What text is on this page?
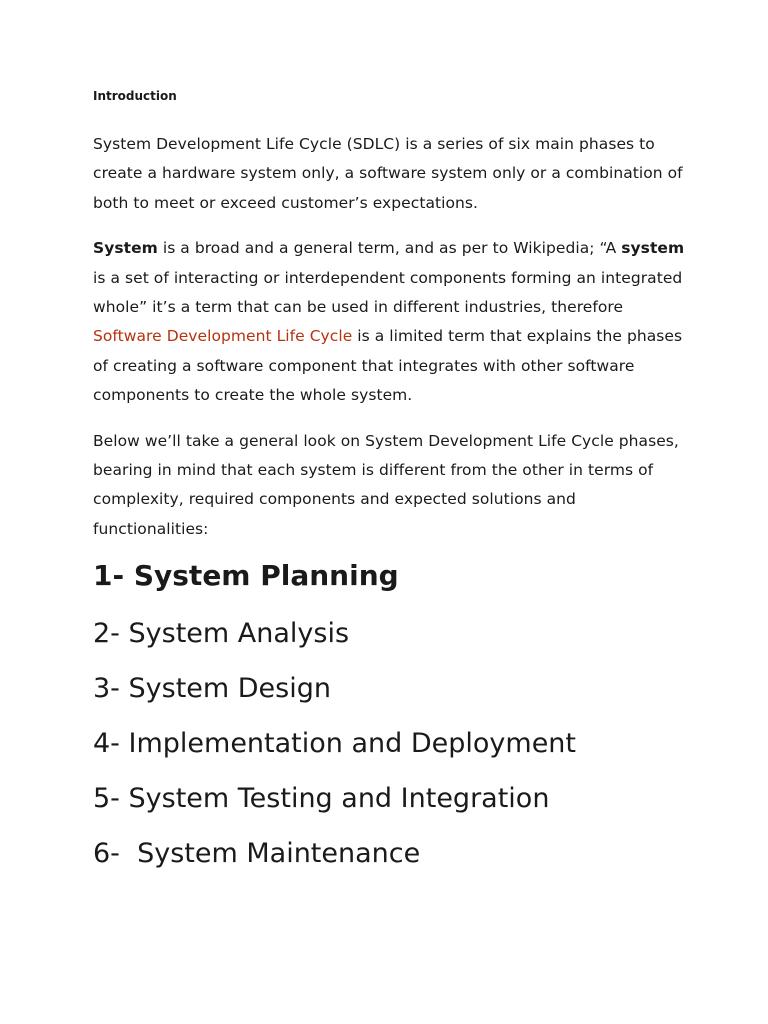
Introduction

System Development Life Cycle (SDLC) is a series of six main phases to create a hardware system only, a software system only or a combination of both to meet or exceed customer’s expectations.

System is a broad and a general term, and as per to Wikipedia; “A system is a set of interacting or interdependent components forming an integrated whole” it’s a term that can be used in different industries, therefore Software Development Life Cycle is a limited term that explains the phases of creating a software component that integrates with other software components to create the whole system.

Below we’ll take a general look on System Development Life Cycle phases, bearing in mind that each system is different from the other in terms of complexity, required components and expected solutions and functionalities:

1- System Planning
2- System Analysis
3- System Design
4- Implementation and Deployment
5- System Testing and Integration
6-  System Maintenance
